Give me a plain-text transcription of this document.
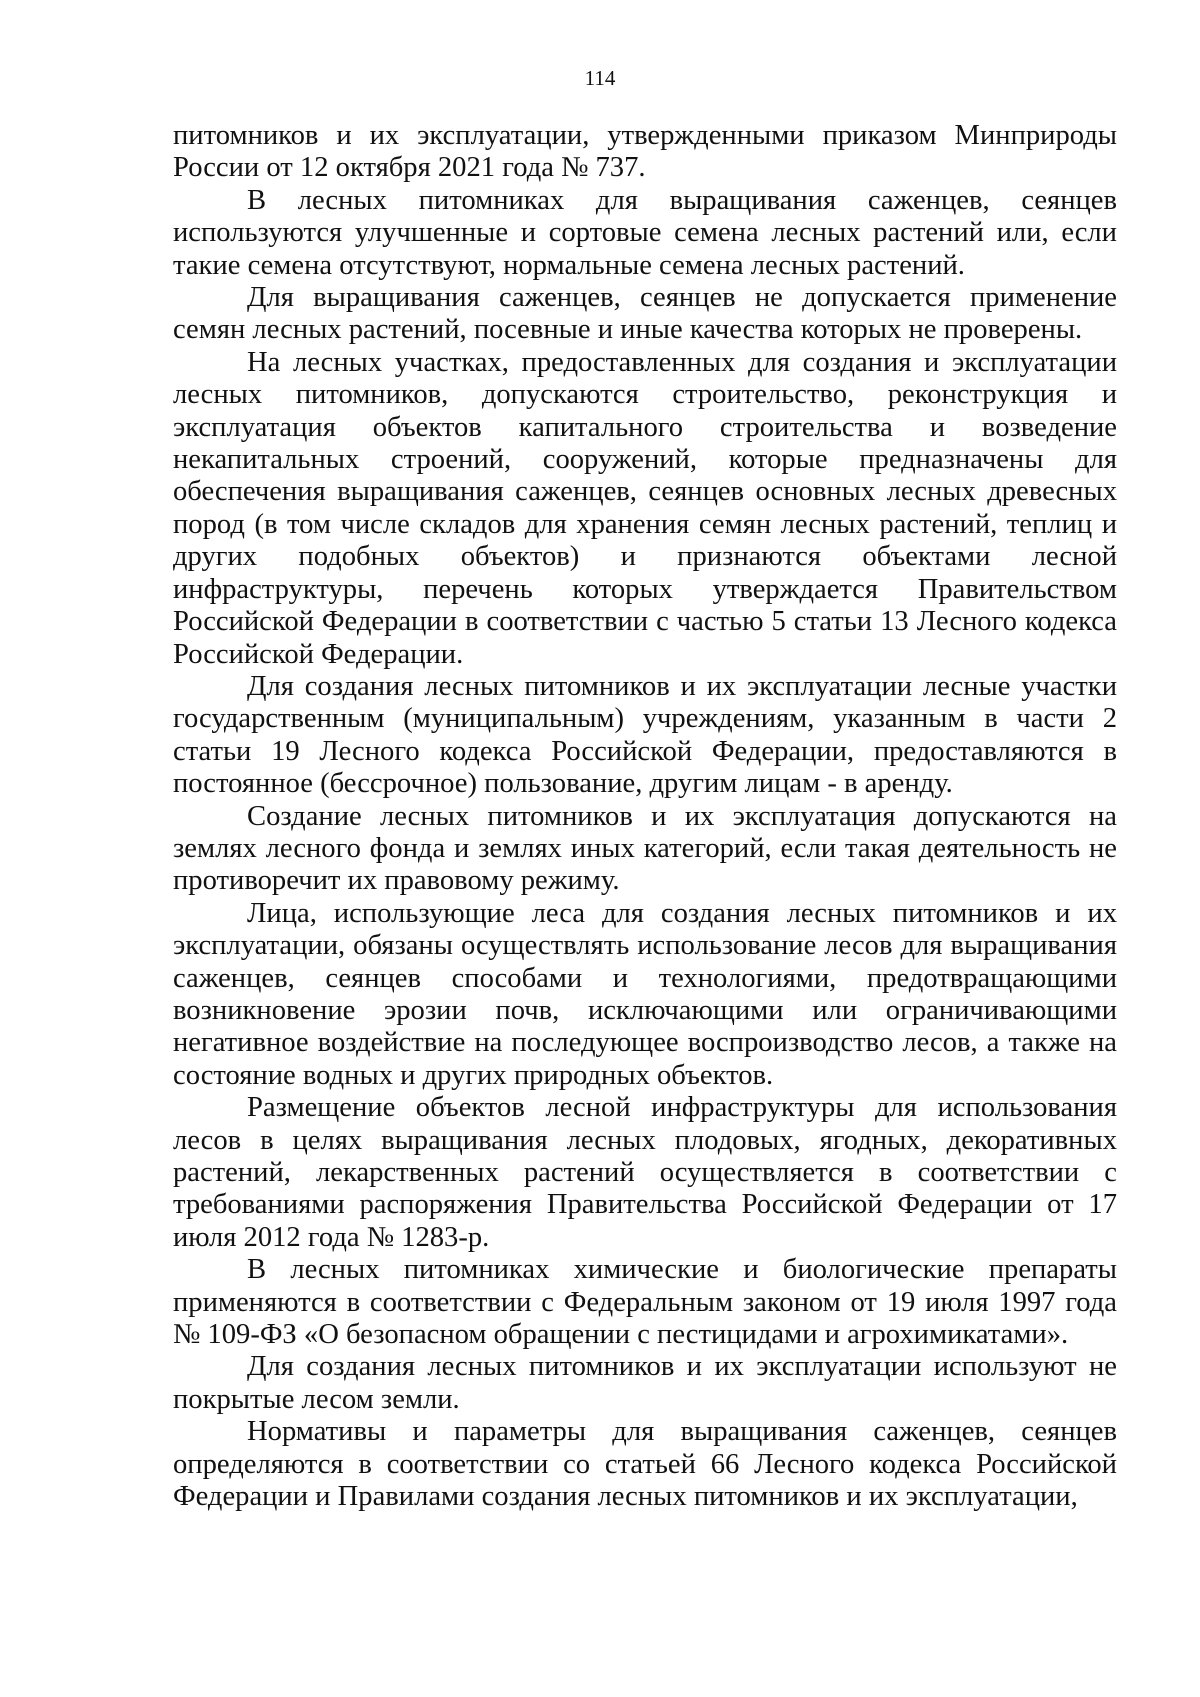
114

питомников и их эксплуатации, утвержденными приказом Минприроды России от 12 октября 2021 года № 737.

В лесных питомниках для выращивания саженцев, сеянцев используются улучшенные и сортовые семена лесных растений или, если такие семена отсутствуют, нормальные семена лесных растений.

Для выращивания саженцев, сеянцев не допускается применение семян лесных растений, посевные и иные качества которых не проверены.

На лесных участках, предоставленных для создания и эксплуатации лесных питомников, допускаются строительство, реконструкция и эксплуатация объектов капитального строительства и возведение некапитальных строений, сооружений, которые предназначены для обеспечения выращивания саженцев, сеянцев основных лесных древесных пород (в том числе складов для хранения семян лесных растений, теплиц и других подобных объектов) и признаются объектами лесной инфраструктуры, перечень которых утверждается Правительством Российской Федерации в соответствии с частью 5 статьи 13 Лесного кодекса Российской Федерации.

Для создания лесных питомников и их эксплуатации лесные участки государственным (муниципальным) учреждениям, указанным в части 2 статьи 19 Лесного кодекса Российской Федерации, предоставляются в постоянное (бессрочное) пользование, другим лицам - в аренду.

Создание лесных питомников и их эксплуатация допускаются на землях лесного фонда и землях иных категорий, если такая деятельность не противоречит их правовому режиму.

Лица, использующие леса для создания лесных питомников и их эксплуатации, обязаны осуществлять использование лесов для выращивания саженцев, сеянцев способами и технологиями, предотвращающими возникновение эрозии почв, исключающими или ограничивающими негативное воздействие на последующее воспроизводство лесов, а также на состояние водных и других природных объектов.

Размещение объектов лесной инфраструктуры для использования лесов в целях выращивания лесных плодовых, ягодных, декоративных растений, лекарственных растений осуществляется в соответствии с требованиями распоряжения Правительства Российской Федерации от 17 июля 2012 года № 1283-р.

В лесных питомниках химические и биологические препараты применяются в соответствии с Федеральным законом от 19 июля 1997 года № 109-ФЗ «О безопасном обращении с пестицидами и агрохимикатами».

Для создания лесных питомников и их эксплуатации используют не покрытые лесом земли.

Нормативы и параметры для выращивания саженцев, сеянцев определяются в соответствии со статьей 66 Лесного кодекса Российской Федерации и Правилами создания лесных питомников и их эксплуатации,
